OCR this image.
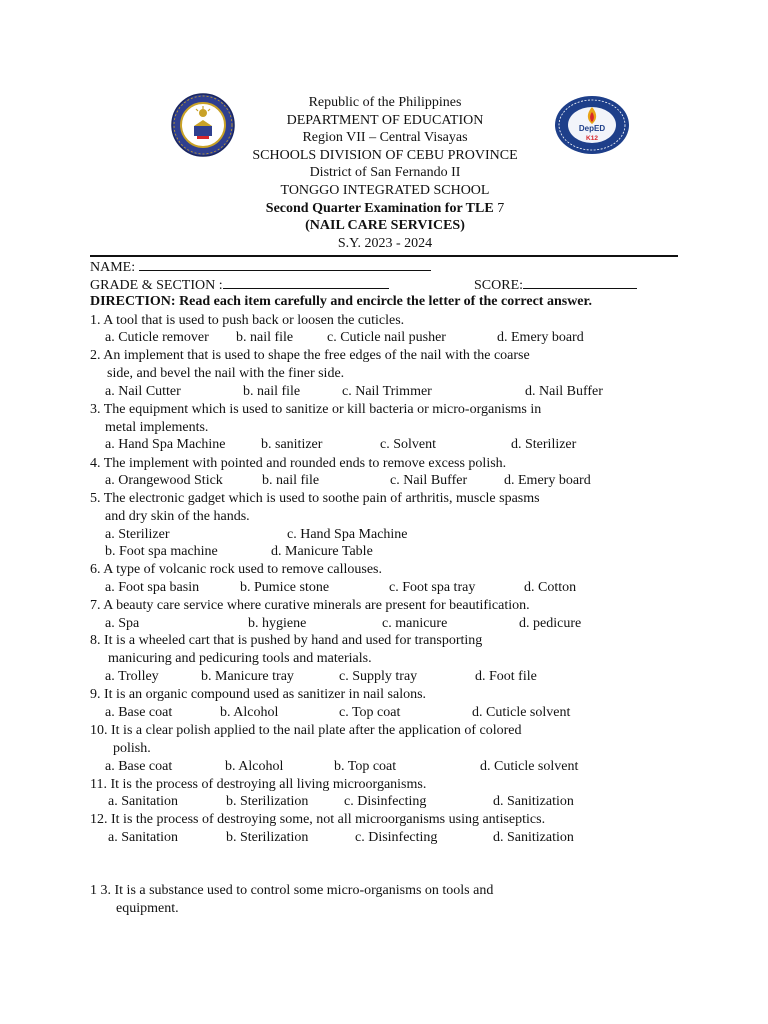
DepED
K12
Republic of the Philippines
DEPARTMENT OF EDUCATION
Region VII – Central Visayas
SCHOOLS DIVISION OF CEBU PROVINCE
District of San Fernando II
TONGGO INTEGRATED SCHOOL
Second Quarter Examination for TLE 7
(NAIL CARE SERVICES)
S.Y. 2023 - 2024
NAME:
GRADE & SECTION :	SCORE:
DIRECTION: Read each item carefully and encircle the letter of the correct answer.
1. A tool that is used to push back or loosen the cuticles.
a. Cuticle remover b. nail file c. Cuticle nail pusher	d. Emery board
2. An implement that is used to shape the free edges of the nail with the coarse
side, and bevel the nail with the finer side.
a. Nail Cutter	b. nail file	c. Nail Trimmer	d. Nail Buffer
3. The equipment which is used to sanitize or kill bacteria or micro-organisms in
metal implements.
a. Hand Spa Machine	b. sanitizer	c. Solvent	d. Sterilizer
4. The implement with pointed and rounded ends to remove excess polish.
a. Orangewood Stick	b. nail file	c. Nail Buffer	d. Emery board
5. The electronic gadget which is used to soothe pain of arthritis, muscle spasms
and dry skin of the hands.
a. Sterilizer	c. Hand Spa Machine
b. Foot spa machine	d. Manicure Table
6. A type of volcanic rock used to remove callouses.
a. Foot spa basin	b. Pumice stone	c. Foot spa tray	d. Cotton
7. A beauty care service where curative minerals are present for beautification.
a. Spa	b. hygiene	c. manicure	d. pedicure
8. It is a wheeled cart that is pushed by hand and used for transporting
manicuring and pedicuring tools and materials.
a. Trolley	b. Manicure tray	c. Supply tray	d. Foot file
9. It is an organic compound used as sanitizer in nail salons.
a. Base coat	b. Alcohol	c. Top coat	d. Cuticle solvent
10. It is a clear polish applied to the nail plate after the application of colored
polish.
a. Base coat	b. Alcohol	b. Top coat	d. Cuticle solvent
11. It is the process of destroying all living microorganisms.
a. Sanitation	b. Sterilization	c. Disinfecting	d. Sanitization
12. It is the process of destroying some, not all microorganisms using antiseptics.
a. Sanitation	b. Sterilization	c. Disinfecting	d. Sanitization
1 3. It is a substance used to control some micro-organisms on tools and
equipment.
